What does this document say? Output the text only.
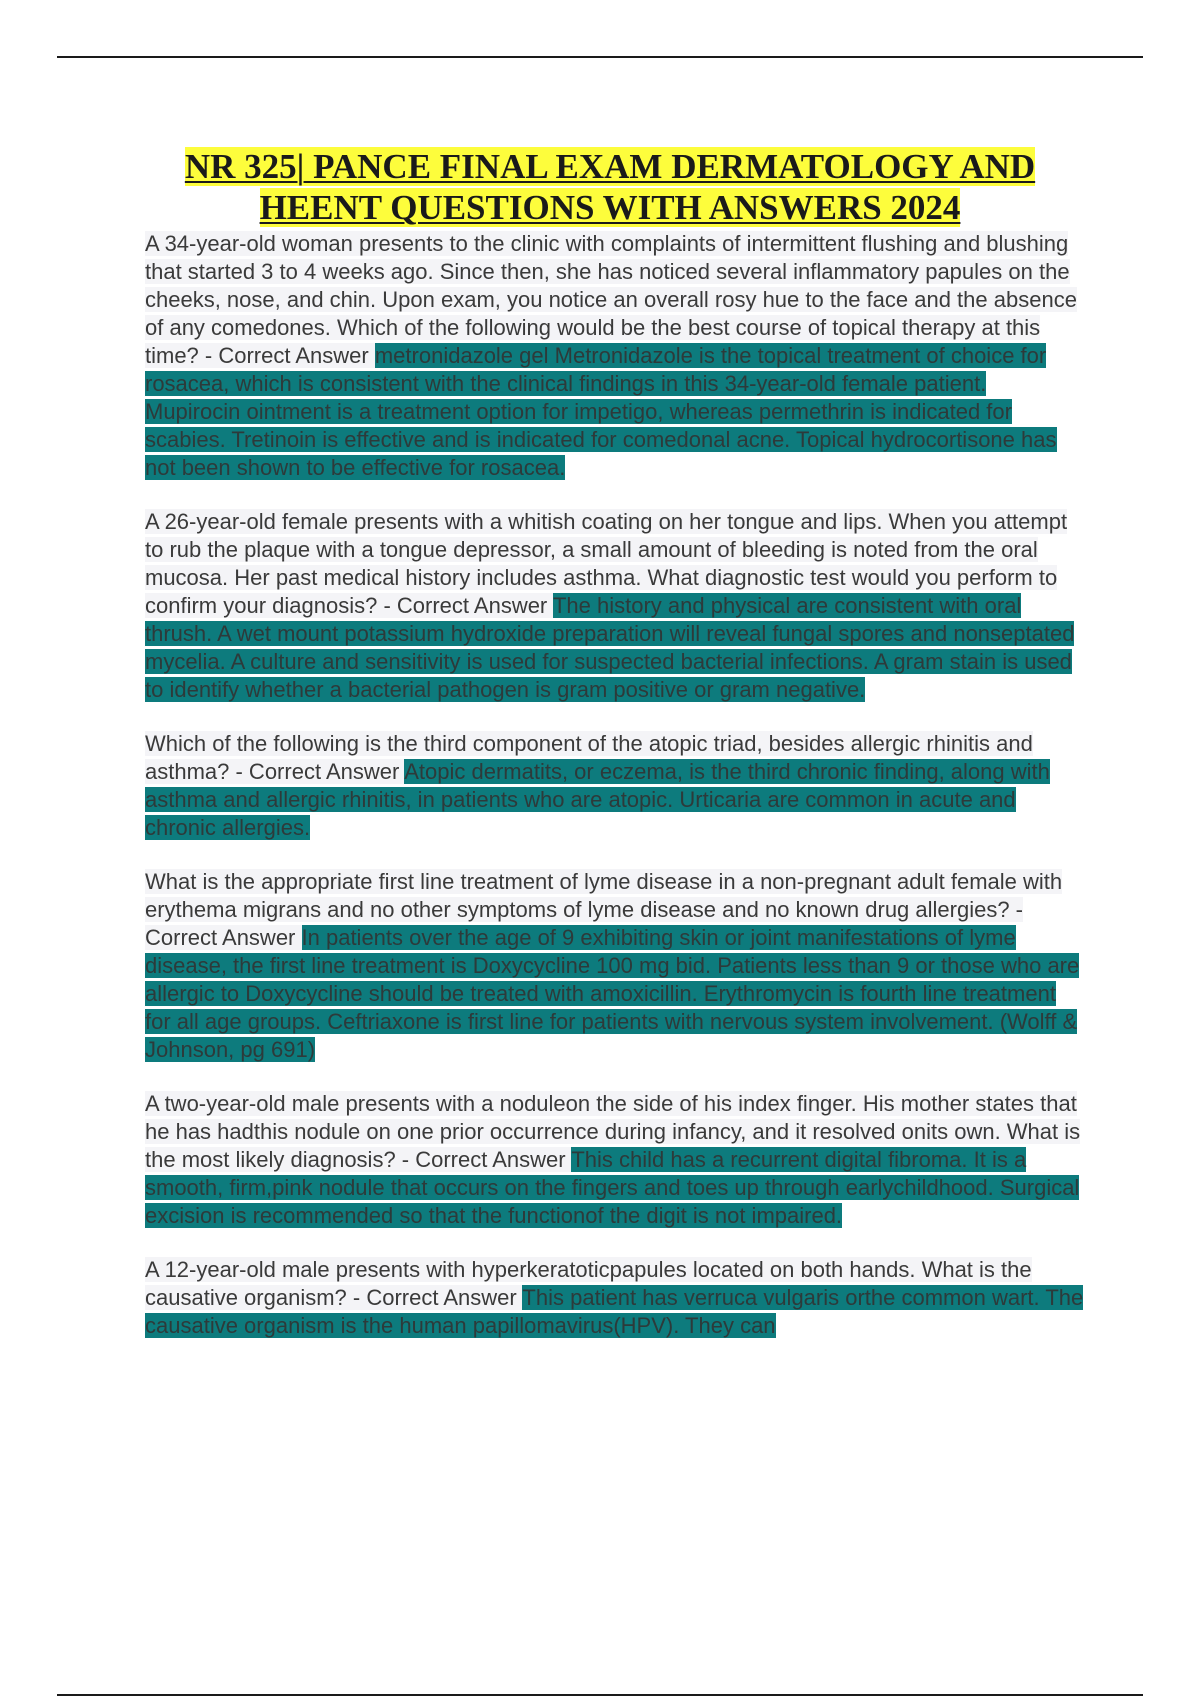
NR 325| PANCE FINAL EXAM DERMATOLOGY AND HEENT QUESTIONS WITH ANSWERS 2024

A 34-year-old woman presents to the clinic with complaints of intermittent flushing and blushing that started 3 to 4 weeks ago. Since then, she has noticed several inflammatory papules on the cheeks, nose, and chin. Upon exam, you notice an overall rosy hue to the face and the absence of any comedones. Which of the following would be the best course of topical therapy at this time? - Correct Answer metronidazole gel Metronidazole is the topical treatment of choice for rosacea, which is consistent with the clinical findings in this 34-year-old female patient. Mupirocin ointment is a treatment option for impetigo, whereas permethrin is indicated for scabies. Tretinoin is effective and is indicated for comedonal acne. Topical hydrocortisone has not been shown to be effective for rosacea.

A 26-year-old female presents with a whitish coating on her tongue and lips. When you attempt to rub the plaque with a tongue depressor, a small amount of bleeding is noted from the oral mucosa. Her past medical history includes asthma. What diagnostic test would you perform to confirm your diagnosis? - Correct Answer The history and physical are consistent with oral thrush. A wet mount potassium hydroxide preparation will reveal fungal spores and nonseptated mycelia. A culture and sensitivity is used for suspected bacterial infections. A gram stain is used to identify whether a bacterial pathogen is gram positive or gram negative.

Which of the following is the third component of the atopic triad, besides allergic rhinitis and asthma? - Correct Answer Atopic dermatits, or eczema, is the third chronic finding, along with asthma and allergic rhinitis, in patients who are atopic. Urticaria are common in acute and chronic allergies.

What is the appropriate first line treatment of lyme disease in a non-pregnant adult female with erythema migrans and no other symptoms of lyme disease and no known drug allergies? - Correct Answer In patients over the age of 9 exhibiting skin or joint manifestations of lyme disease, the first line treatment is Doxycycline 100 mg bid. Patients less than 9 or those who are allergic to Doxycycline should be treated with amoxicillin. Erythromycin is fourth line treatment for all age groups. Ceftriaxone is first line for patients with nervous system involvement. (Wolff & Johnson, pg 691)

A two-year-old male presents with a noduleon the side of his index finger. His mother states that he has hadthis nodule on one prior occurrence during infancy, and it resolved onits own. What is the most likely diagnosis? - Correct Answer This child has a recurrent digital fibroma. It is a smooth, firm,pink nodule that occurs on the fingers and toes up through earlychildhood. Surgical excision is recommended so that the functionof the digit is not impaired.

A 12-year-old male presents with hyperkeratoticpapules located on both hands. What is the causative organism? - Correct Answer This patient has verruca vulgaris orthe common wart. The causative organism is the human papillomavirus(HPV). They can
